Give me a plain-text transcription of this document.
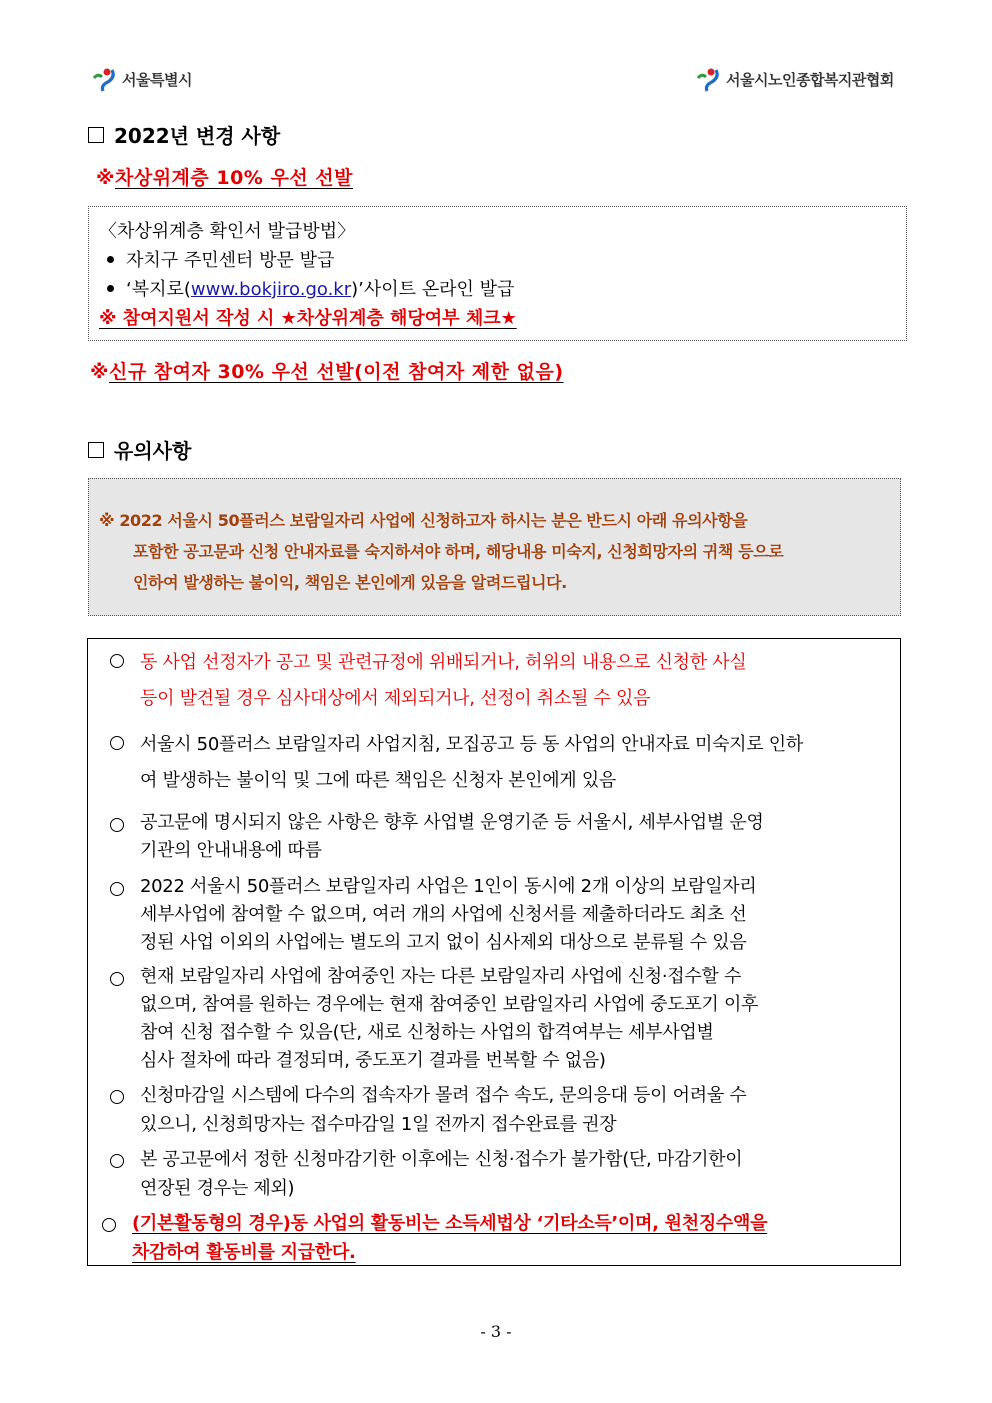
서울특별시	서울시노인종합복지관협회
2022년 변경 사항
※차상위계층 10% 우선 선발
〈차상위계층 확인서 발급방법〉
자치구 주민센터 방문 발급
‘복지로(www.bokjiro.go.kr)’사이트 온라인 발급
※ 참여지원서 작성 시 ★차상위계층 해당여부 체크★
※신규 참여자 30% 우선 선발(이전 참여자 제한 없음)
유의사항

※ 2022 서울시 50플러스 보람일자리 사업에 신청하고자 하시는 분은 반드시 아래 유의사항을

포함한 공고문과 신청 안내자료를 숙지하셔야 하며, 해당내용 미숙지, 신청희망자의 귀책 등으로

인하여 발생하는 불이익, 책임은 본인에게 있음을 알려드립니다.

동 사업 선정자가 공고 및 관련규정에 위배되거나, 허위의 내용으로 신청한 사실
등이 발견될 경우 심사대상에서 제외되거나, 선정이 취소될 수 있음
서울시 50플러스 보람일자리 사업지침, 모집공고 등 동 사업의 안내자료 미숙지로 인하
여 발생하는 불이익 및 그에 따른 책임은 신청자 본인에게 있음
공고문에 명시되지 않은 사항은 향후 사업별 운영기준 등 서울시, 세부사업별 운영
기관의 안내내용에 따름
2022 서울시 50플러스 보람일자리 사업은 1인이 동시에 2개 이상의 보람일자리
세부사업에 참여할 수 없으며, 여러 개의 사업에 신청서를 제출하더라도 최초 선
정된 사업 이외의 사업에는 별도의 고지 없이 심사제외 대상으로 분류될 수 있음
현재 보람일자리 사업에 참여중인 자는 다른 보람일자리 사업에 신청·접수할 수
없으며, 참여를 원하는 경우에는 현재 참여중인 보람일자리 사업에 중도포기 이후
참여 신청 접수할 수 있음(단, 새로 신청하는 사업의 합격여부는 세부사업별
심사 절차에 따라 결정되며, 중도포기 결과를 번복할 수 없음)
신청마감일 시스템에 다수의 접속자가 몰려 접수 속도, 문의응대 등이 어려울 수
있으니, 신청희망자는 접수마감일 1일 전까지 접수완료를 권장
본 공고문에서 정한 신청마감기한 이후에는 신청·접수가 불가함(단, 마감기한이
연장된 경우는 제외)
(기본활동형의 경우)동 사업의 활동비는 소득세법상 ‘기타소득’이며, 원천징수액을
차감하여 활동비를 지급한다.
- 3 -
